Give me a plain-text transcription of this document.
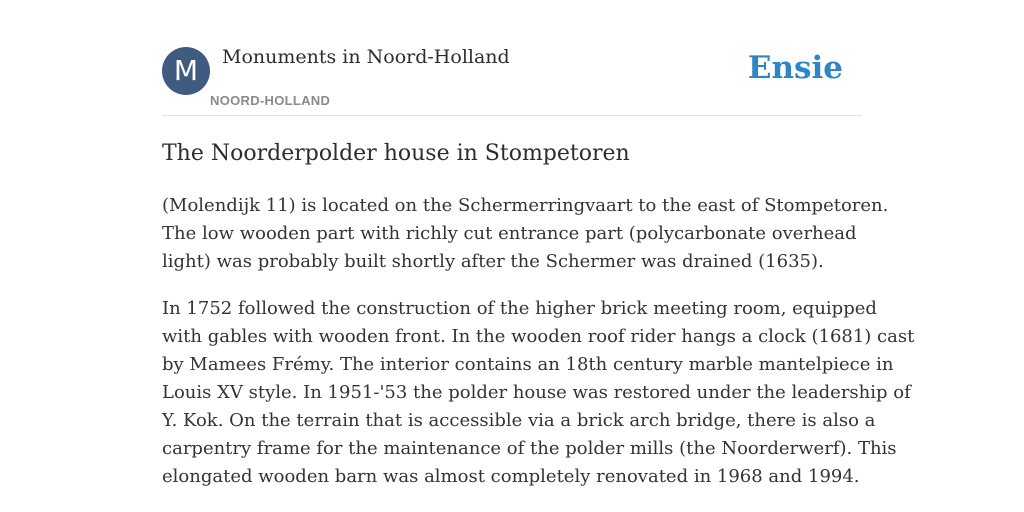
M	Monuments in Noord-Holland
NOORD-HOLLAND
Ensie
The Noorderpolder house in Stompetoren

(Molendijk 11) is located on the Schermerringvaart to the east of Stompetoren.
The low wooden part with richly cut entrance part (polycarbonate overhead
light) was probably built shortly after the Schermer was drained (1635).

In 1752 followed the construction of the higher brick meeting room, equipped
with gables with wooden front. In the wooden roof rider hangs a clock (1681) cast
by Mamees Frémy. The interior contains an 18th century marble mantelpiece in
Louis XV style. In 1951-'53 the polder house was restored under the leadership of
Y. Kok. On the terrain that is accessible via a brick arch bridge, there is also a
carpentry frame for the maintenance of the polder mills (the Noorderwerf). This
elongated wooden barn was almost completely renovated in 1968 and 1994.
